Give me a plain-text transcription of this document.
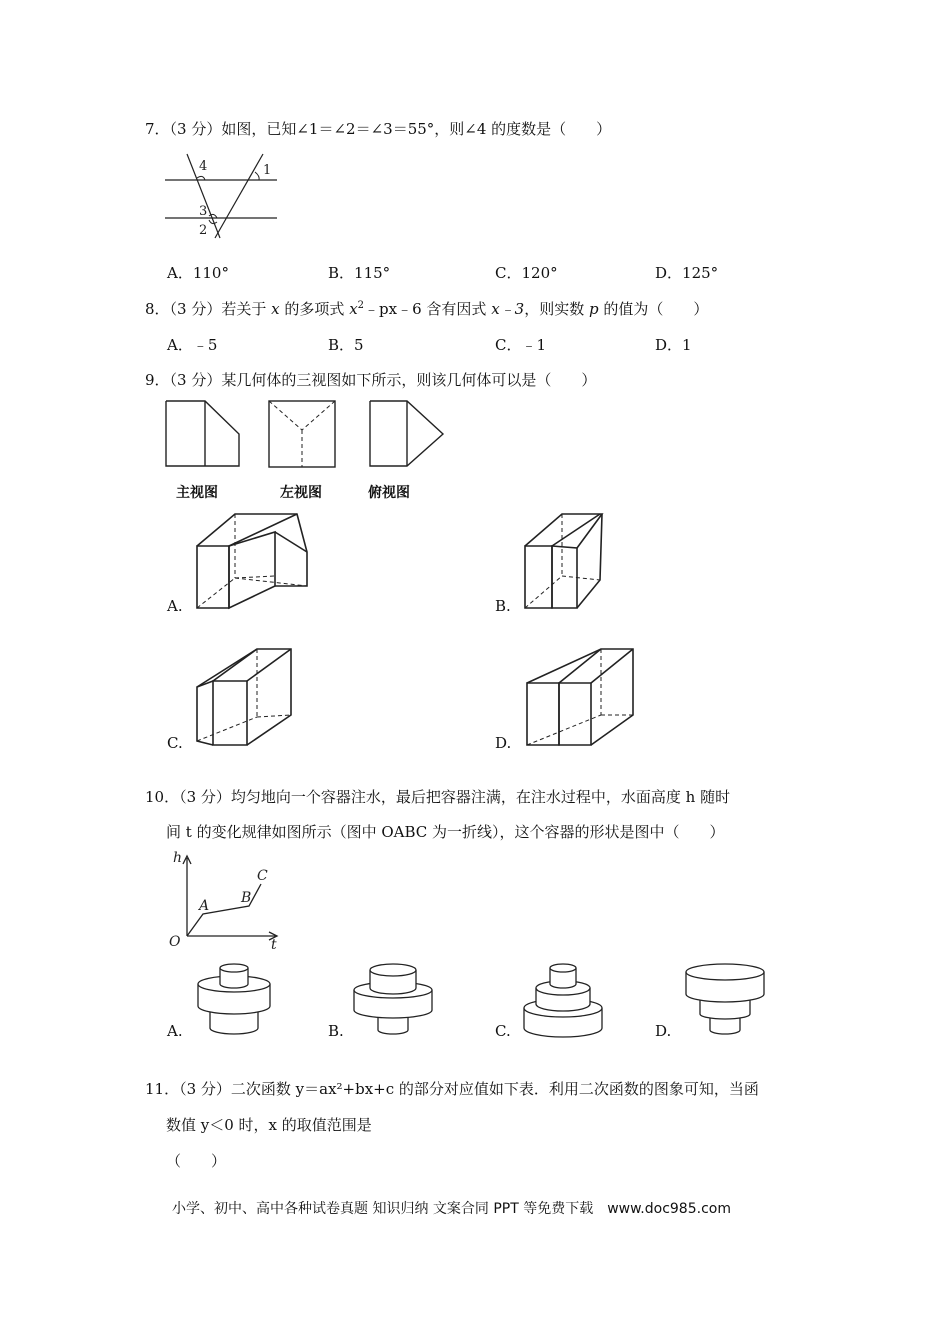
7．（3 分）如图，已知∠1＝∠2＝∠3＝55°，则∠4 的度数是（　　）
4	1
3
2
A．110°	B．115°	C．120°	D．125°
8．（3 分）若关于 x 的多项式 $x^2﹣px﹣6$ 含有因式 x﹣3，则实数 p 的值为（　　）
A．﹣5	B．5	C．﹣1	D．1
9．（3 分）某几何体的三视图如下所示，则该几何体可以是（　　）
主视图	左视图	俯视图
A.	B.
C.	D.
10．（3 分）均匀地向一个容器注水，最后把容器注满，在注水过程中，水面高度 h 随时
间 t 的变化规律如图所示（图中 OABC 为一折线），这个容器的形状是图中（　　）
h
t
O
A B
C
A.	B.	C.	D.
11．（3 分）二次函数 y＝ax²+bx+c 的部分对应值如下表．利用二次函数的图象可知，当函
数值 y＜0 时，x 的取值范围是
（　　）
小学、初中、高中各种试卷真题 知识归纳 文案合同 PPT 等免费下载　www.doc985.com
